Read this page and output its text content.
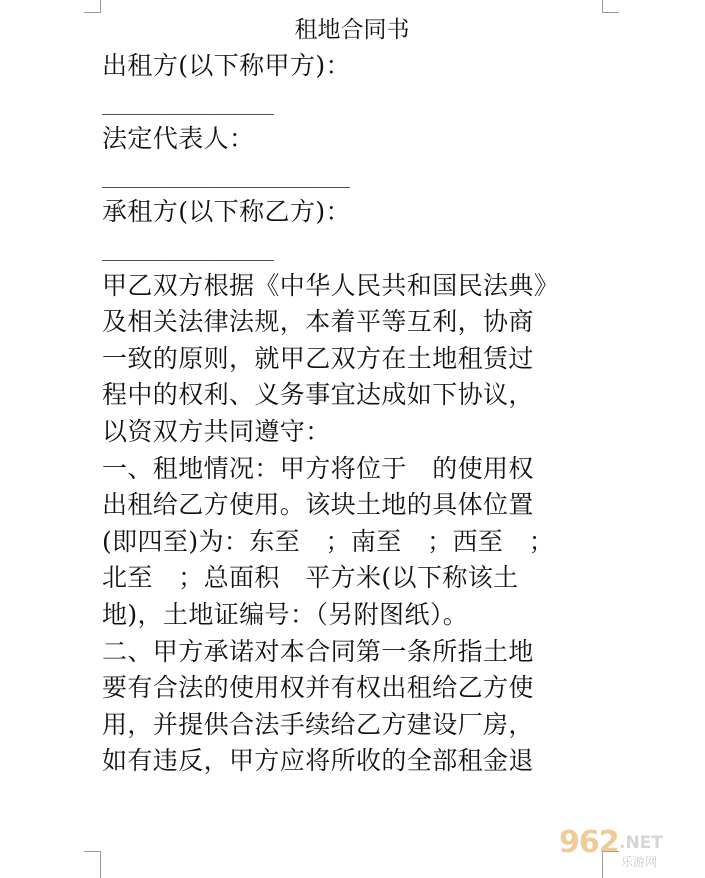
租地合同书
出租方(以下称甲方)：
__________________
法定代表人：
__________________________
承租方(以下称乙方)：
__________________
甲乙双方根据《中华人民共和国民法典》
及相关法律法规，本着平等互利，协商
一致的原则，就甲乙双方在土地租赁过
程中的权利、义务事宜达成如下协议，
以资双方共同遵守：
一、租地情况：甲方将位于　的使用权
出租给乙方使用。该块土地的具体位置
(即四至)为：东至　；南至　；西至　；
北至　；总面积　平方米(以下称该土
地)，土地证编号：（另附图纸）。
二、甲方承诺对本合同第一条所指土地
要有合法的使用权并有权出租给乙方使
用，并提供合法手续给乙方建设厂房，
如有违反，甲方应将所收的全部租金退
962 .NET
乐游网
